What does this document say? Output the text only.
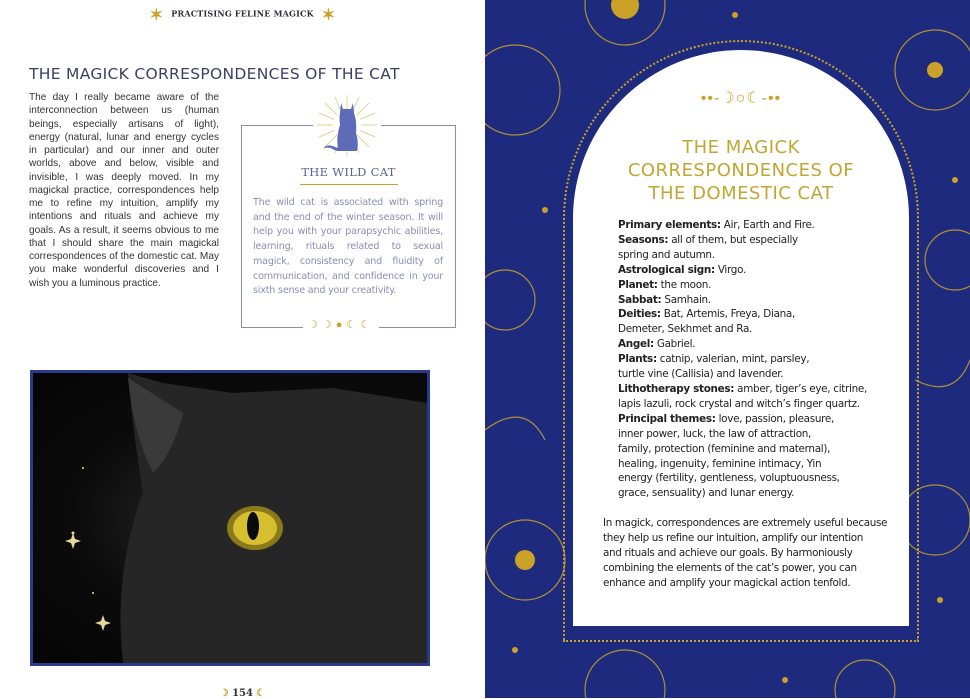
✶ PRACTISING FELINE MAGICK ✶
THE MAGICK CORRESPONDENCES OF THE CAT
The day I really became aware of the interconnection between us (human beings, especially artisans of light), energy (natural, lunar and energy cycles in particular) and our inner and outer worlds, above and below, visible and invisible, I was deeply moved. In my magickal practice, correspondences help me to refine my intuition, amplify my intentions and rituals and achieve my goals. As a result, it seems obvious to me that I should share the main magickal correspondences of the domestic cat. May you make wonderful discoveries and I wish you a luminous practice.
THE WILD CAT
The wild cat is associated with spring and the end of the winter season. It will help you with your parapsychic abilities, learning, rituals related to sexual magick, consistency and fluidity of communication, and confidence in your sixth sense and your creativity.
☽☽●☾☾
☽ 154 ☾
••-☽○☾-••
THE MAGICK
CORRESPONDENCES OF
THE DOMESTIC CAT
Primary elements: Air, Earth and Fire.
Seasons: all of them, but especially
spring and autumn.
Astrological sign: Virgo.
Planet: the moon.
Sabbat: Samhain.
Deities: Bat, Artemis, Freya, Diana,
Demeter, Sekhmet and Ra.
Angel: Gabriel.
Plants: catnip, valerian, mint, parsley,
turtle vine (Callisia) and lavender.
Lithotherapy stones: amber, tiger’s eye, citrine,
lapis lazuli, rock crystal and witch’s finger quartz.
Principal themes: love, passion, pleasure,
inner power, luck, the law of attraction,
family, protection (feminine and maternal),
healing, ingenuity, feminine intimacy, Yin
energy (fertility, gentleness, voluptuousness,
grace, sensuality) and lunar energy.
In magick, correspondences are extremely useful because
they help us refine our intuition, amplify our intention
and rituals and achieve our goals. By harmoniously
combining the elements of the cat’s power, you can
enhance and amplify your magickal action tenfold.
